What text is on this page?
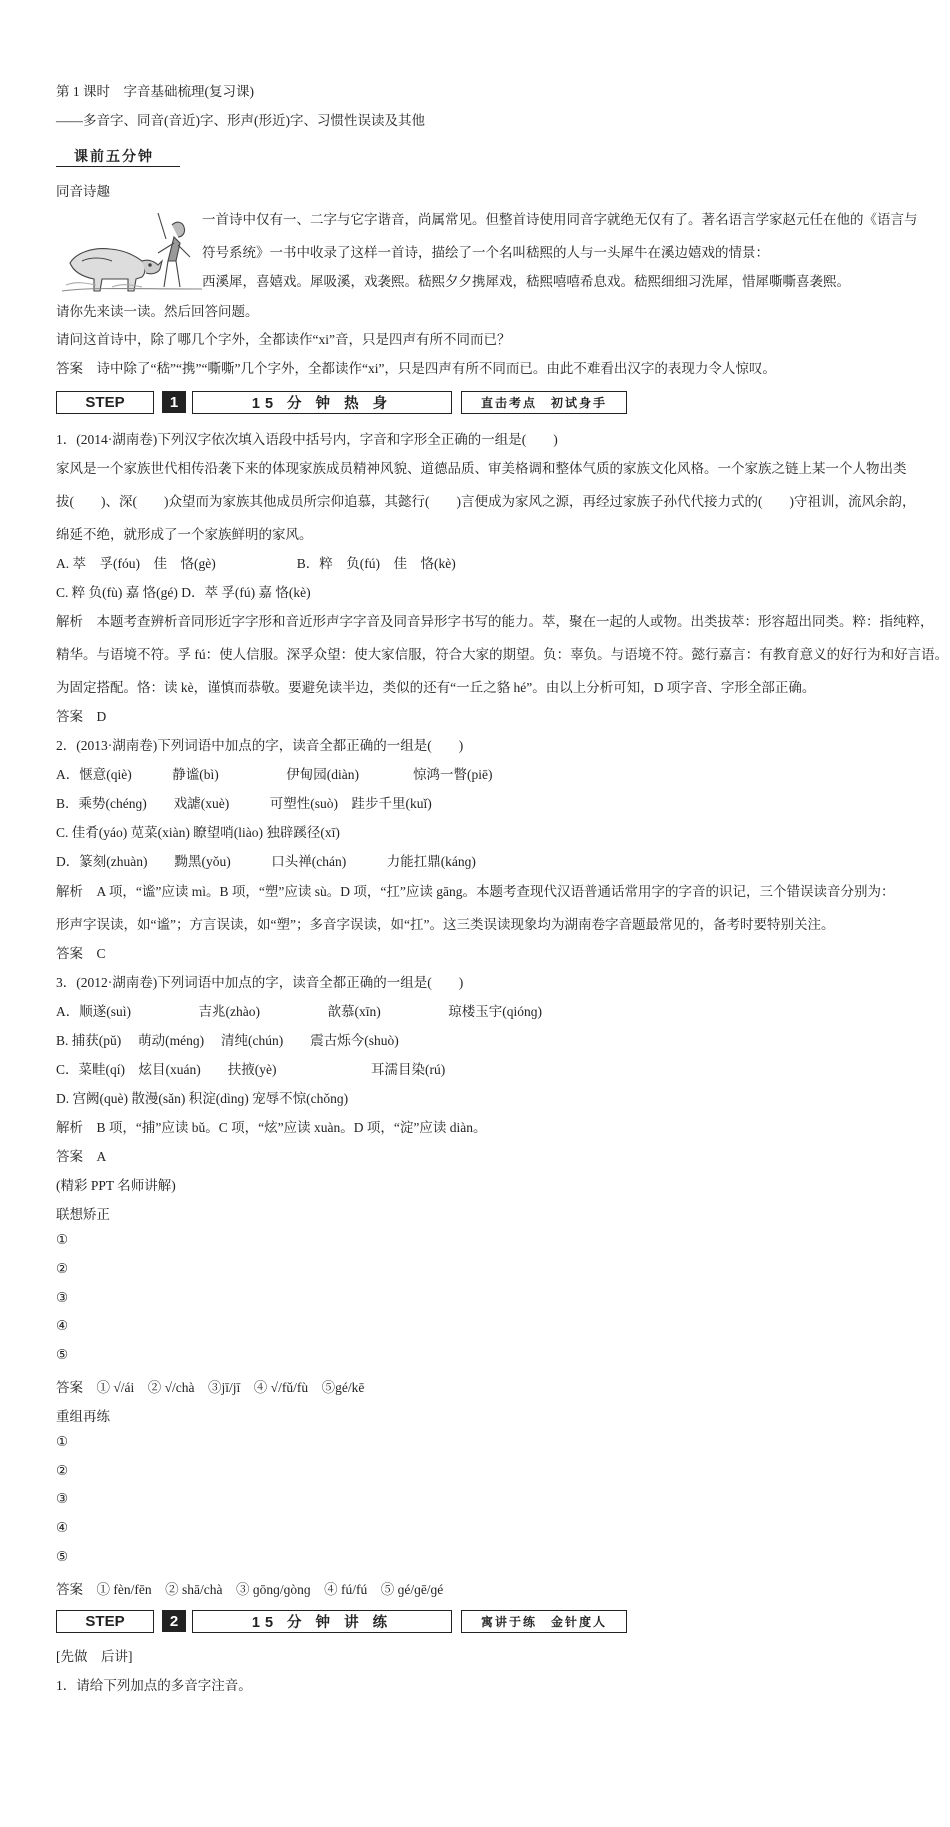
第 1 课时　字音基础梳理(复习课)
——多音字、同音(音近)字、形声(形近)字、习惯性误读及其他
课前五分钟
同音诗趣
一首诗中仅有一、二字与它字谐音，尚属常见。但整首诗使用同音字就绝无仅有了。著名语言学家赵元任在他的《语言与
符号系统》一书中收录了这样一首诗，描绘了一个名叫嵇熙的人与一头犀牛在溪边嬉戏的情景：
西溪犀，喜嬉戏。犀吸溪，戏袭熙。嵇熙夕夕携犀戏，嵇熙嘻嘻希息戏。嵇熙细细习洗犀，惜犀嘶嘶喜袭熙。
请你先来读一读。然后回答问题。
请问这首诗中，除了哪几个字外，全都读作“xi”音，只是四声有所不同而已？
答案　诗中除了“嵇”“携”“嘶嘶”几个字外，全都读作“xi”，只是四声有所不同而已。由此不难看出汉字的表现力令人惊叹。
STEP	1	15 分 钟 热 身	直击考点　初试身手
1．(2014·湖南卷)下列汉字依次填入语段中括号内，字音和字形全正确的一组是(　　)
家风是一个家族世代相传沿袭下来的体现家族成员精神风貌、道德品质、审美格调和整体气质的家族文化风格。一个家族之链上某一个人物出类
拔(　　)、深(　　)众望而为家族其他成员所宗仰追慕，其懿行(　　)言便成为家风之源，再经过家族子孙代代接力式的(　　)守祖训，流风余韵，
绵延不绝，就形成了一个家族鲜明的家风。
A. 萃　孚(fóu)　佳　恪(gè)　　　　　　B．粹　负(fú)　佳　恪(kè)
C. 粹 负(fù) 嘉 恪(gé) D．萃 孚(fú) 嘉 恪(kè)
解析　本题考查辨析音同形近字字形和音近形声字字音及同音异形字书写的能力。萃，聚在一起的人或物。出类拔萃：形容超出同类。粹：指纯粹，
精华。与语境不符。孚 fú：使人信服。深孚众望：使大家信服，符合大家的期望。负：辜负。与语境不符。懿行嘉言：有教育意义的好行为和好言语。
为固定搭配。恪：读 kè，谨慎而恭敬。要避免读半边，类似的还有“一丘之貉 hé”。由以上分析可知，D 项字音、字形全部正确。
答案　D
2．(2013·湖南卷)下列词语中加点的字，读音全都正确的一组是(　　)
A．惬意(qiè)　　　静谧(bì)　　　　　伊甸园(diàn)　　　　惊鸿一瞥(piē)
B．乘势(chénɡ)　　戏謔(xuè)　　　可塑性(suò)　跬步千里(kuǐ)
C. 佳肴(yáo) 苋菜(xiàn) 瞭望哨(liào) 独辟蹊径(xī)
D．篆刻(zhuàn)　　黝黑(yǒu)　　　口头禅(chán)　　　力能扛鼎(kánɡ)
解析　A 项，“谧”应读 mì。B 项，“塑”应读 sù。D 项，“扛”应读 gāng。本题考查现代汉语普通话常用字的字音的识记，三个错误读音分别为：
形声字误读，如“谧”；方言误读，如“塑”；多音字误读，如“扛”。这三类误读现象均为湖南卷字音题最常见的，备考时要特别关注。
答案　C
3．(2012·湖南卷)下列词语中加点的字，读音全都正确的一组是(　　)
A．顺遂(suì)　　　　　吉兆(zhào)　　　　　歆慕(xīn)　　　　　琼楼玉宇(qiónɡ)
B. 捕获(pǔ)　 萌动(ménɡ)　 清纯(chún)　　震古烁今(shuò)
C．菜畦(qí)　炫目(xuán)　　扶掖(yè)　　　　　　　耳濡目染(rú)
D. 宫阙(què) 散漫(sǎn) 积淀(dìnɡ) 宠辱不惊(chǒnɡ)
解析　B 项，“捕”应读 bǔ。C 项，“炫”应读 xuàn。D 项，“淀”应读 diàn。
答案　A
(精彩 PPT 名师讲解)
联想矫正
①
②
③
④
⑤
答案　① √/ái　② √/chà　③jī/jī　④ √/fǔ/fù　⑤gé/kē
重组再练
①
②
③
④
⑤
答案　① fèn/fēn　② shā/chà　③ ɡōnɡ/ɡònɡ　④ fú/fú　⑤ ɡé/ɡē/ɡé
STEP	2	15 分 钟 讲 练	寓讲于练　金针度人
[先做　后讲]
1．请给下列加点的多音字注音。
